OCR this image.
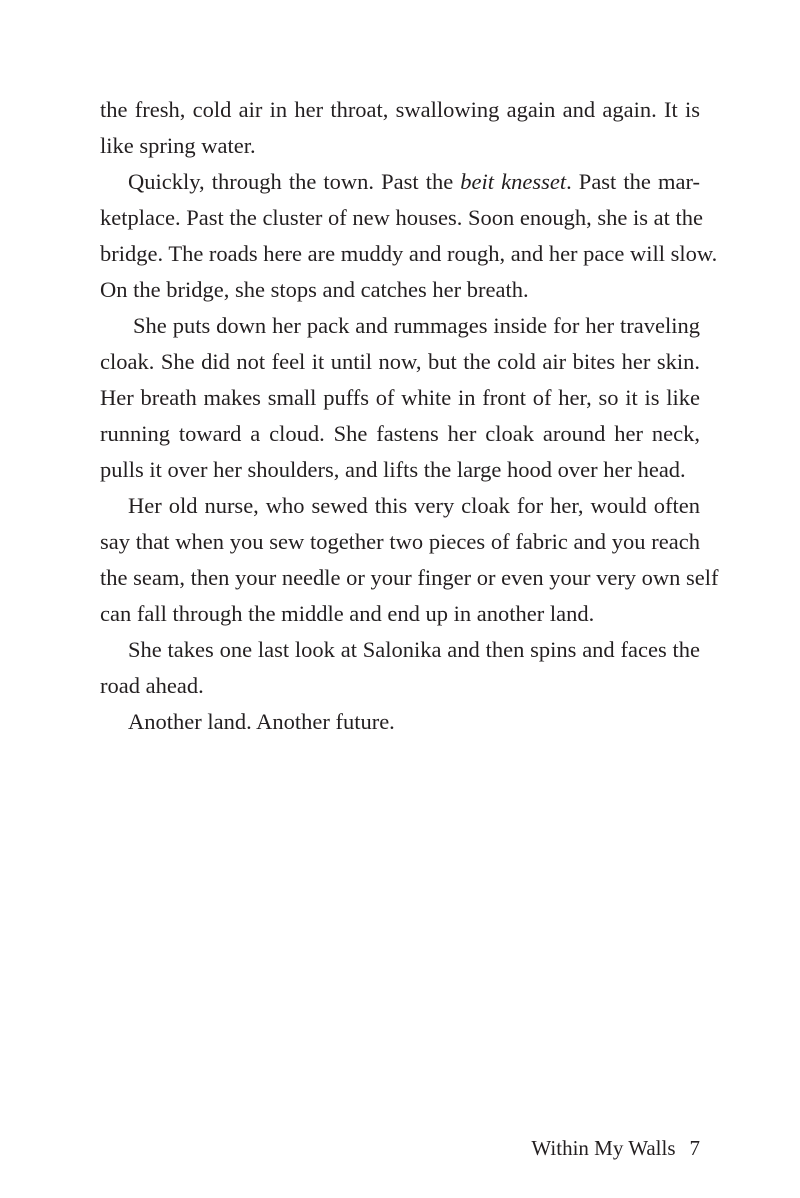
the fresh, cold air in her throat, swallowing again and again. It is
like spring water.
Quickly, through the town. Past the beit knesset. Past the mar-
ketplace. Past the cluster of new houses. Soon enough, she is at the
bridge. The roads here are muddy and rough, and her pace will slow.
On the bridge, she stops and catches her breath.
She puts down her pack and rummages inside for her traveling
cloak. She did not feel it until now, but the cold air bites her skin.
Her breath makes small puffs of white in front of her, so it is like
running toward a cloud. She fastens her cloak around her neck,
pulls it over her shoulders, and lifts the large hood over her head.
Her old nurse, who sewed this very cloak for her, would often
say that when you sew together two pieces of fabric and you reach
the seam, then your needle or your finger or even your very own self
can fall through the middle and end up in another land.
She takes one last look at Salonika and then spins and faces the
road ahead.
Another land. Another future.
Within My Walls 7
